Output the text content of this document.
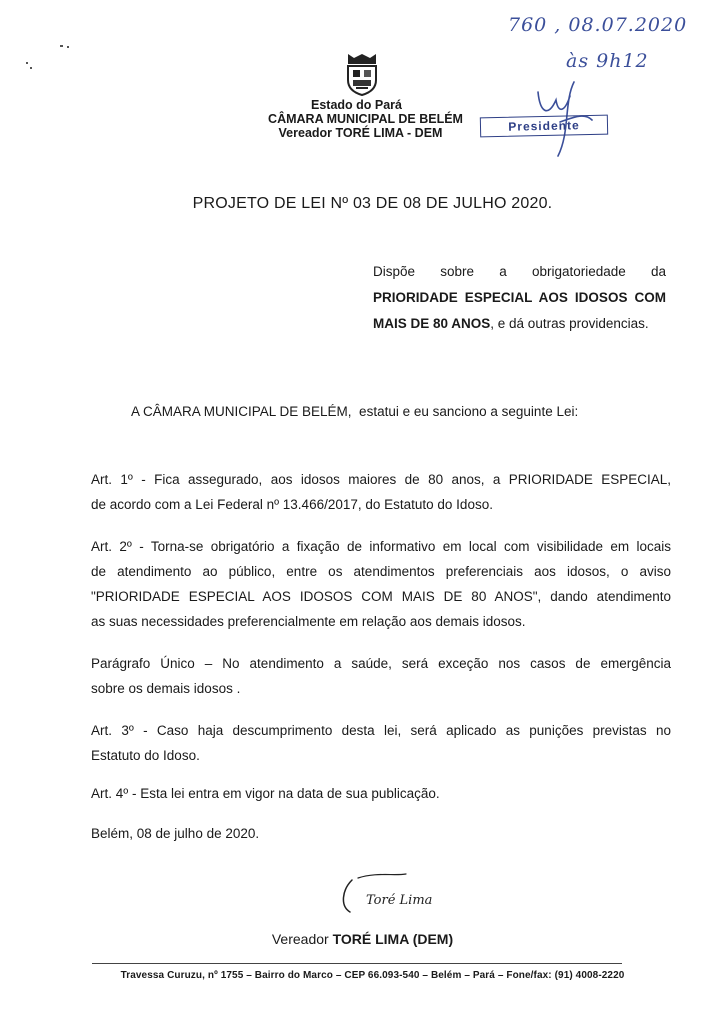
760 , 08.07.2020
às 9h12
Estado do Pará
CÂMARA MUNICIPAL DE BELÉM
Vereador TORÉ LIMA - DEM	Presidente
PROJETO DE LEI Nº 03 DE 08 DE JULHO 2020.
Dispõe sobre a obrigatoriedade da PRIORIDADE ESPECIAL AOS IDOSOS COM MAIS DE 80 ANOS, e dá outras providencias.
A CÂMARA MUNICIPAL DE BELÉM,  estatui e eu sanciono a seguinte Lei:
Art. 1º - Fica assegurado, aos idosos maiores de 80 anos, a PRIORIDADE ESPECIAL,
de acordo com a Lei Federal nº 13.466/2017, do Estatuto do Idoso.
Art. 2º - Torna-se obrigatório a fixação de informativo em local com visibilidade em locais
de atendimento ao público, entre os atendimentos preferenciais aos idosos, o aviso
"PRIORIDADE ESPECIAL AOS IDOSOS COM MAIS DE 80 ANOS", dando atendimento
as suas necessidades preferencialmente em relação aos demais idosos.
Parágrafo Único – No atendimento a saúde, será exceção nos casos de emergência
sobre os demais idosos .
Art. 3º - Caso haja descumprimento desta lei, será aplicado as punições previstas no
Estatuto do Idoso.
Art. 4º - Esta lei entra em vigor na data de sua publicação.
Belém, 08 de julho de 2020.
Toré Lima
Vereador TORÉ LIMA (DEM)
Travessa Curuzu, nº 1755 – Bairro do Marco – CEP 66.093-540 – Belém – Pará – Fone/fax: (91) 4008-2220
